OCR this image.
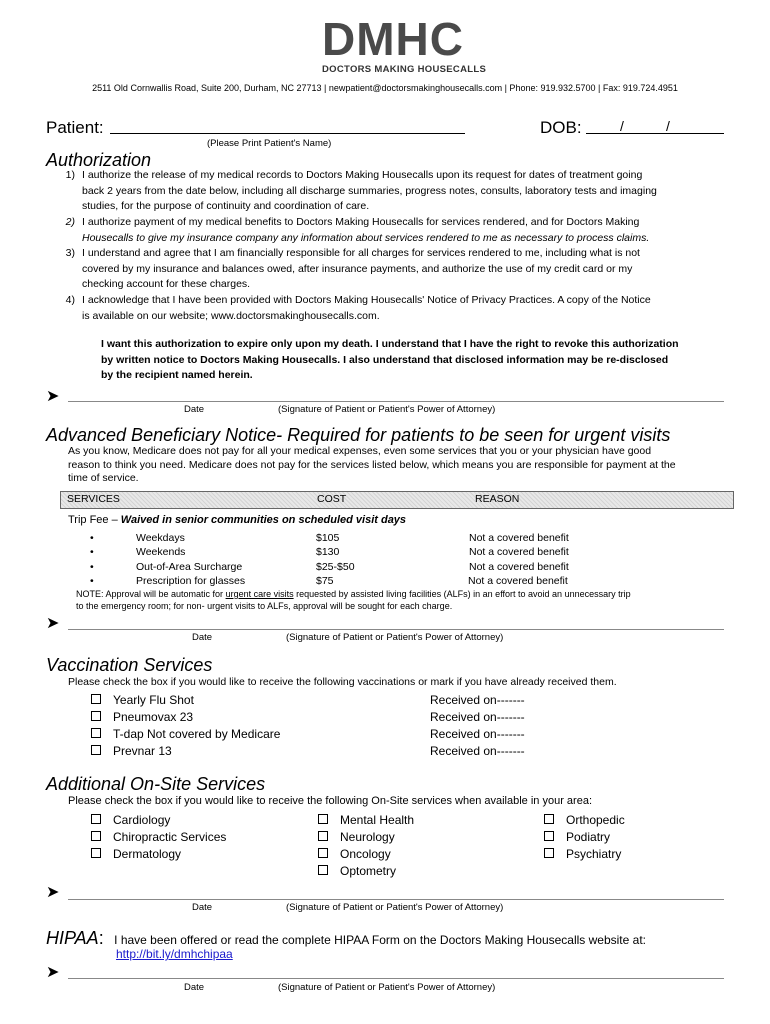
DMHC
DOCTORS MAKING HOUSECALLS
2511 Old Cornwallis Road, Suite 200, Durham, NC 27713 | newpatient@doctorsmakinghousecalls.com | Phone: 919.932.5700 | Fax: 919.724.4951
Patient:
(Please Print Patient's Name)
DOB:	/	/
Authorization
1) I authorize the release of my medical records to Doctors Making Housecalls upon its request for dates of treatment going
back 2 years from the date below, including all discharge summaries, progress notes, consults, laboratory tests and imaging
studies, for the purpose of continuity and coordination of care.
2) I authorize payment of my medical benefits to Doctors Making Housecalls for services rendered, and for Doctors Making
Housecalls to give my insurance company any information about services rendered to me as necessary to process claims.
3) I understand and agree that I am financially responsible for all charges for services rendered to me, including what is not
covered by my insurance and balances owed, after insurance payments, and authorize the use of my credit card or my
checking account for these charges.
4) I acknowledge that I have been provided with Doctors Making Housecalls' Notice of Privacy Practices. A copy of the Notice
is available on our website; www.doctorsmakinghousecalls.com.
I want this authorization to expire only upon my death. I understand that I have the right to revoke this authorization
by written notice to Doctors Making Housecalls. I also understand that disclosed information may be re-disclosed
by the recipient named herein.
➤
Date	(Signature of Patient or Patient's Power of Attorney)
Advanced Beneficiary Notice- Required for patients to be seen for urgent visits
As you know, Medicare does not pay for all your medical expenses, even some services that you or your physician have good
reason to think you need. Medicare does not pay for the services listed below, which means you are responsible for payment at the
time of service.
SERVICES	COST	REASON
Trip Fee – Waived in senior communities on scheduled visit days
•	Weekdays	$105	Not a covered benefit
•	Weekends	$130	Not a covered benefit
•	Out-of-Area Surcharge	$25-$50	Not a covered benefit
•	Prescription for glasses	$75	Not a covered benefit
NOTE: Approval will be automatic for urgent care visits requested by assisted living facilities (ALFs) in an effort to avoid an unnecessary trip
to the emergency room; for non- urgent visits to ALFs, approval will be sought for each charge.
➤
Date	(Signature of Patient or Patient's Power of Attorney)
Vaccination Services
Please check the box if you would like to receive the following vaccinations or mark if you have already received them.
Yearly Flu Shot	Received on-------
Pneumovax 23	Received on-------
T-dap Not covered by Medicare	Received on-------
Prevnar 13	Received on-------
Additional On-Site Services
Please check the box if you would like to receive the following On-Site services when available in your area:
Cardiology
Chiropractic Services
Dermatology
Mental Health
Neurology
Oncology
Optometry
Orthopedic
Podiatry
Psychiatry
➤
Date	(Signature of Patient or Patient's Power of Attorney)
HIPAA: I have been offered or read the complete HIPAA Form on the Doctors Making Housecalls website at:
http://bit.ly/dmhchipaa
➤
Date	(Signature of Patient or Patient's Power of Attorney)
